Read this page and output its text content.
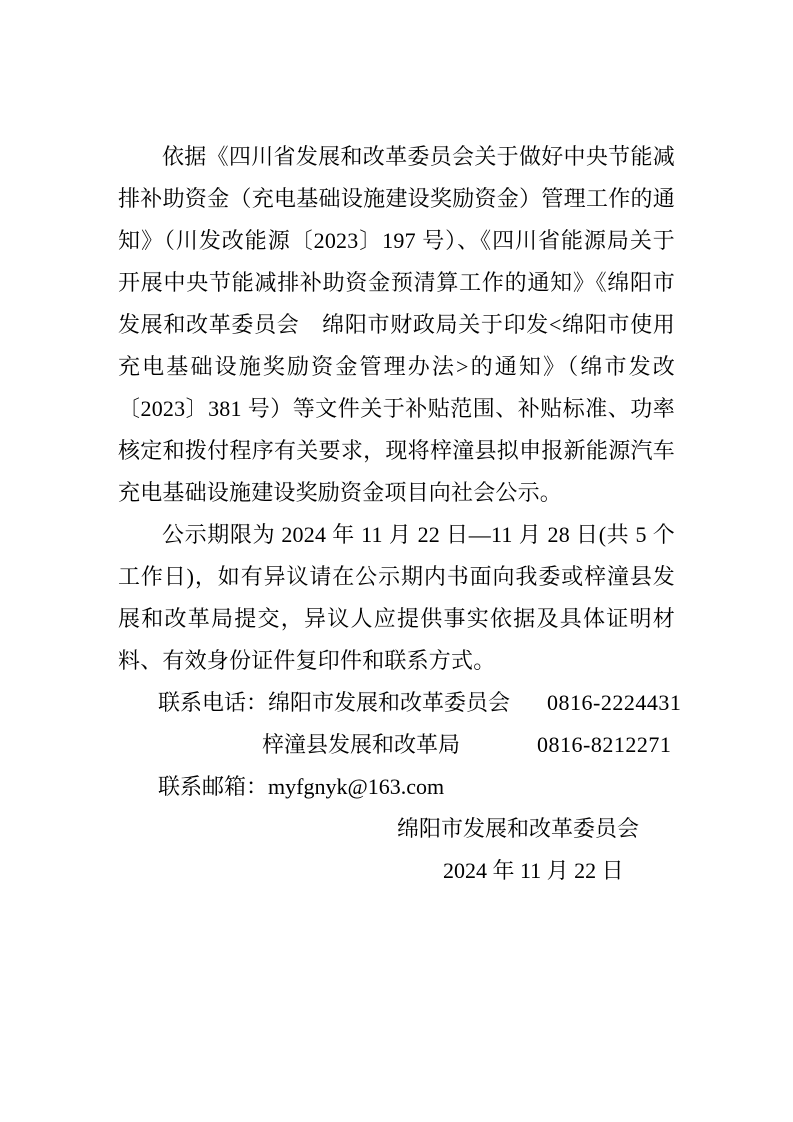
依据《四川省发展和改革委员会关于做好中央节能减排补助资金（充电基础设施建设奖励资金）管理工作的通知》（川发改能源〔2023〕197 号）、《四川省能源局关于开展中央节能减排补助资金预清算工作的通知》《绵阳市发展和改革委员会　绵阳市财政局关于印发<绵阳市使用充电基础设施奖励资金管理办法>的通知》（绵市发改〔2023〕381 号）等文件关于补贴范围、补贴标准、功率核定和拨付程序有关要求，现将梓潼县拟申报新能源汽车充电基础设施建设奖励资金项目向社会公示。

公示期限为 2024 年 11 月 22 日—11 月 28 日(共 5 个工作日)，如有异议请在公示期内书面向我委或梓潼县发展和改革局提交，异议人应提供事实依据及具体证明材料、有效身份证件复印件和联系方式。

联系电话：绵阳市发展和改革委员会 0816-2224431
梓潼县发展和改革局	0816-8212271
联系邮箱：myfgnyk@163.com
绵阳市发展和改革委员会
2024 年 11 月 22 日
